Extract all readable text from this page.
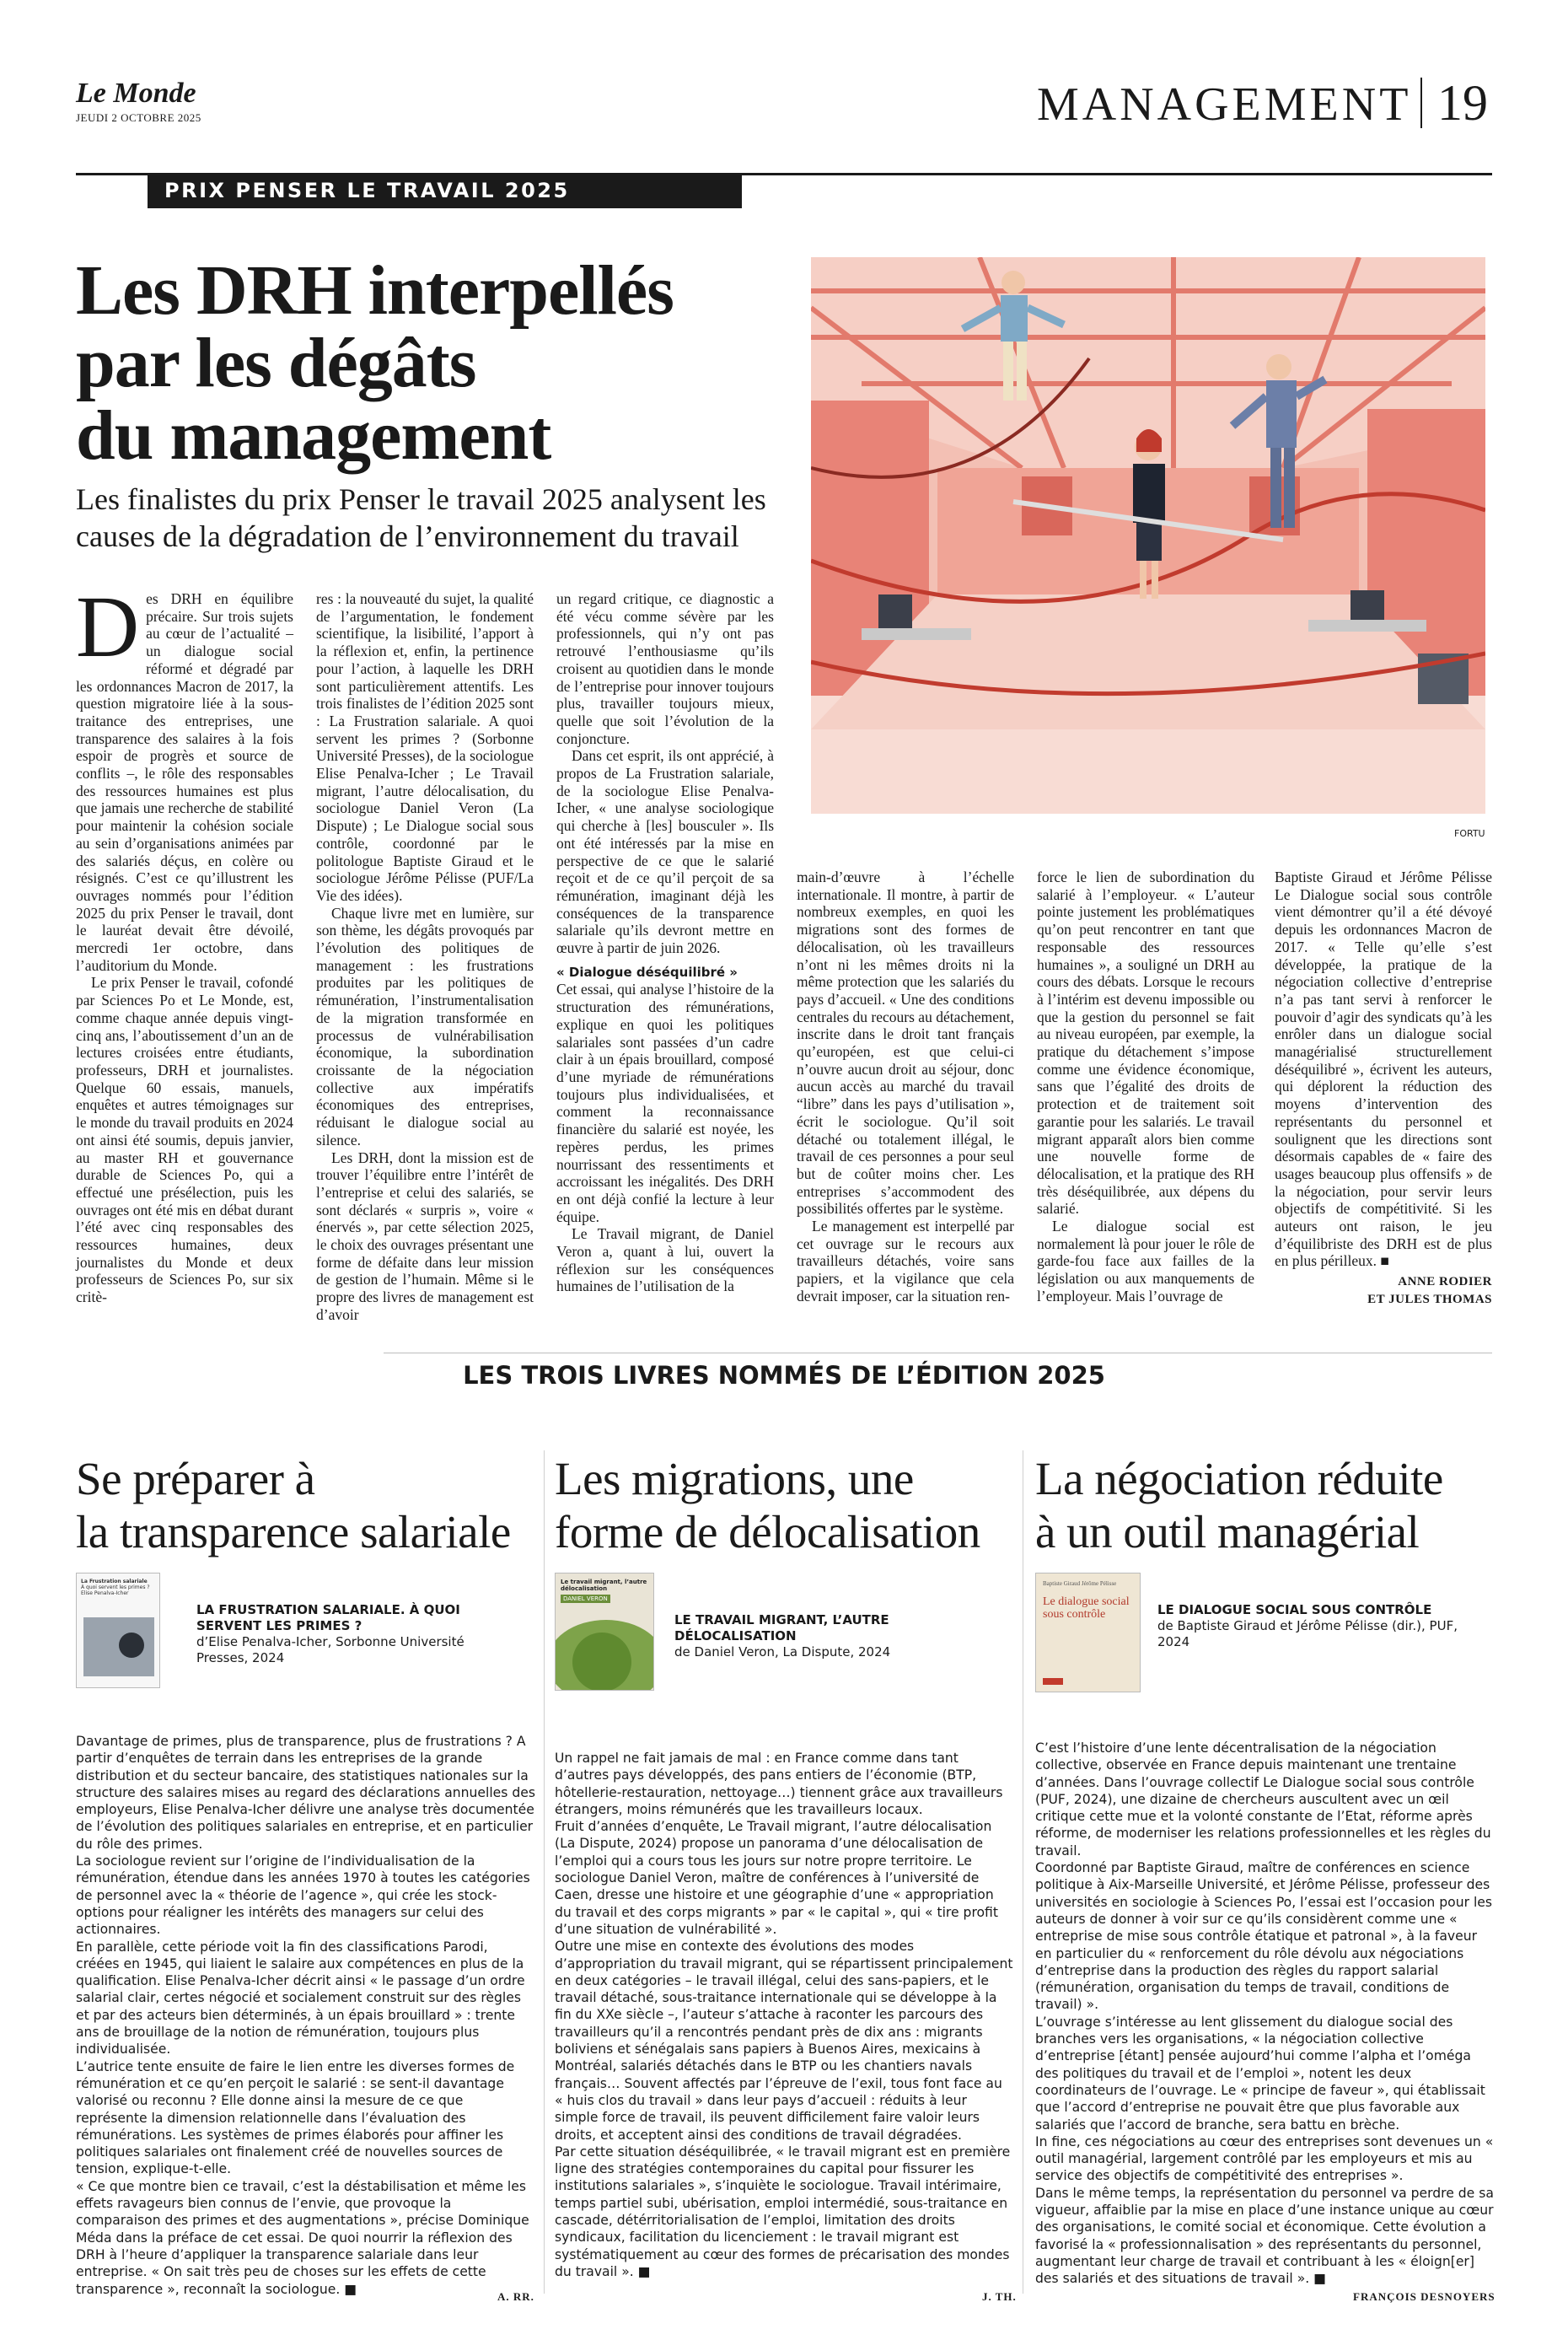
Le Monde
JEUDI 2 OCTOBRE 2025	MANAGEMENT 19
PRIX PENSER LE TRAVAIL 2025
Les DRH interpellés
par les dégâts
du management
Les finalistes du prix Penser le travail 2025 analysent les causes de la dégradation de l’environnement du travail
FORTU

Des DRH en équilibre précaire. Sur trois sujets au cœur de l’actualité – un dialogue social réformé et dégradé par les ordonnances Macron de 2017, la question migratoire liée à la sous-traitance des entreprises, une transparence des salaires à la fois espoir de progrès et source de conflits –, le rôle des responsables des ressources humaines est plus que jamais une recherche de stabilité pour maintenir la cohésion sociale au sein d’organisations animées par des salariés déçus, en colère ou résignés. C’est ce qu’illustrent les ouvrages nommés pour l’édition 2025 du prix Penser le travail, dont le lauréat devait être dévoilé, mercredi 1er octobre, dans l’auditorium du Monde.

Le prix Penser le travail, cofondé par Sciences Po et Le Monde, est, comme chaque année depuis vingt-cinq ans, l’aboutissement d’un an de lectures croisées entre étudiants, professeurs, DRH et journalistes. Quelque 60 essais, manuels, enquêtes et autres témoignages sur le monde du travail produits en 2024 ont ainsi été soumis, depuis janvier, au master RH et gouvernance durable de Sciences Po, qui a effectué une présélection, puis les ouvrages ont été mis en débat durant l’été avec cinq responsables des ressources humaines, deux journalistes du Monde et deux professeurs de Sciences Po, sur six critè-

res : la nouveauté du sujet, la qualité de l’argumentation, le fondement scientifique, la lisibilité, l’apport à la réflexion et, enfin, la pertinence pour l’action, à laquelle les DRH sont particulièrement attentifs. Les trois finalistes de l’édition 2025 sont : La Frustration salariale. A quoi servent les primes ? (Sorbonne Université Presses), de la sociologue Elise Penalva-Icher ; Le Travail migrant, l’autre délocalisation, du sociologue Daniel Veron (La Dispute) ; Le Dialogue social sous contrôle, coordonné par le politologue Baptiste Giraud et le sociologue Jérôme Pélisse (PUF/La Vie des idées).

Chaque livre met en lumière, sur son thème, les dégâts provoqués par l’évolution des politiques de management : les frustrations produites par les politiques de rémunération, l’instrumentalisation de la migration transformée en processus de vulnérabilisation économique, la subordination croissante de la négociation collective aux impératifs économiques des entreprises, réduisant le dialogue social au silence.

Les DRH, dont la mission est de trouver l’équilibre entre l’intérêt de l’entreprise et celui des salariés, se sont déclarés « surpris », voire « énervés », par cette sélection 2025, le choix des ouvrages présentant une forme de défaite dans leur mission de gestion de l’humain. Même si le propre des livres de management est d’avoir

un regard critique, ce diagnostic a été vécu comme sévère par les professionnels, qui n’y ont pas retrouvé l’enthousiasme qu’ils croisent au quotidien dans le monde de l’entreprise pour innover toujours plus, travailler toujours mieux, quelle que soit l’évolution de la conjoncture.

Dans cet esprit, ils ont apprécié, à propos de La Frustration salariale, de la sociologue Elise Penalva-Icher, « une analyse sociologique qui cherche à [les] bousculer ». Ils ont été intéressés par la mise en perspective de ce que le salarié reçoit et de ce qu’il perçoit de sa rémunération, imaginant déjà les conséquences de la transparence salariale qu’ils devront mettre en œuvre à partir de juin 2026.

« Dialogue déséquilibré »

Cet essai, qui analyse l’histoire de la structuration des rémunérations, explique en quoi les politiques salariales sont passées d’un cadre clair à un épais brouillard, composé d’une myriade de rémunérations toujours plus individualisées, et comment la reconnaissance financière du salarié est noyée, les repères perdus, les primes nourrissant des ressentiments et accroissant les inégalités. Des DRH en ont déjà confié la lecture à leur équipe.

Le Travail migrant, de Daniel Veron a, quant à lui, ouvert la réflexion sur les conséquences humaines de l’utilisation de la

main-d’œuvre à l’échelle internationale. Il montre, à partir de nombreux exemples, en quoi les migrations sont des formes de délocalisation, où les travailleurs n’ont ni les mêmes droits ni la même protection que les salariés du pays d’accueil. « Une des conditions centrales du recours au détachement, inscrite dans le droit tant français qu’européen, est que celui-ci n’ouvre aucun droit au séjour, donc aucun accès au marché du travail “libre” dans les pays d’utilisation », écrit le sociologue. Qu’il soit détaché ou totalement illégal, le travail de ces personnes a pour seul but de coûter moins cher. Les entreprises s’accommodent des possibilités offertes par le système.

Le management est interpellé par cet ouvrage sur le recours aux travailleurs détachés, voire sans papiers, et la vigilance que cela devrait imposer, car la situation ren-

force le lien de subordination du salarié à l’employeur. « L’auteur pointe justement les problématiques qu’on peut rencontrer en tant que responsable des ressources humaines », a souligné un DRH au cours des débats. Lorsque le recours à l’intérim est devenu impossible ou que la gestion du personnel se fait au niveau européen, par exemple, la pratique du détachement s’impose comme une évidence économique, sans que l’égalité des droits de protection et de traitement soit garantie pour les salariés. Le travail migrant apparaît alors bien comme une nouvelle forme de délocalisation, et la pratique des RH très déséquilibrée, aux dépens du salarié.

Le dialogue social est normalement là pour jouer le rôle de garde-fou face aux failles de la législation ou aux manquements de l’employeur. Mais l’ouvrage de

Baptiste Giraud et Jérôme Pélisse Le Dialogue social sous contrôle vient démontrer qu’il a été dévoyé depuis les ordonnances Macron de 2017. « Telle qu’elle s’est développée, la pratique de la négociation collective d’entreprise n’a pas tant servi à renforcer le pouvoir d’agir des syndicats qu’à les enrôler dans un dialogue social managérialisé structurellement déséquilibré », écrivent les auteurs, qui déplorent la réduction des moyens d’intervention des représentants du personnel et soulignent que les directions sont désormais capables de « faire des usages beaucoup plus offensifs » de la négociation, pour servir leurs objectifs de compétitivité. Si les auteurs ont raison, le jeu d’équilibriste des DRH est de plus en plus périlleux. ■

ANNE RODIER

ET JULES THOMAS

LES TROIS LIVRES NOMMÉS DE L’ÉDITION 2025
Se préparer à
la transparence salariale
La Frustration salariale
À quoi servent les primes ?
Elise Penalva-Icher
LA FRUSTRATION SALARIALE. À QUOI SERVENT LES PRIMES ?
d’Elise Penalva-Icher, Sorbonne Université Presses, 2024

Davantage de primes, plus de transparence, plus de frustrations ? A partir d’enquêtes de terrain dans les entreprises de la grande distribution et du secteur bancaire, des statistiques nationales sur la structure des salaires mises au regard des déclarations annuelles des employeurs, Elise Penalva-Icher délivre une analyse très documentée de l’évolution des politiques salariales en entreprise, et en particulier du rôle des primes.

La sociologue revient sur l’origine de l’individualisation de la rémunération, étendue dans les années 1970 à toutes les catégories de personnel avec la « théorie de l’agence », qui crée les stock-options pour réaligner les intérêts des managers sur celui des actionnaires.

En parallèle, cette période voit la fin des classifications Parodi, créées en 1945, qui liaient le salaire aux compétences en plus de la qualification. Elise Penalva-Icher décrit ainsi « le passage d’un ordre salarial clair, certes négocié et socialement construit sur des règles et par des acteurs bien déterminés, à un épais brouillard » : trente ans de brouillage de la notion de rémunération, toujours plus individualisée.

L’autrice tente ensuite de faire le lien entre les diverses formes de rémunération et ce qu’en perçoit le salarié : se sent-il davantage valorisé ou reconnu ? Elle donne ainsi la mesure de ce que représente la dimension relationnelle dans l’évaluation des rémunérations. Les systèmes de primes élaborés pour affiner les politiques salariales ont finalement créé de nouvelles sources de tension, explique-t-elle.

« Ce que montre bien ce travail, c’est la déstabilisation et même les effets ravageurs bien connus de l’envie, que provoque la comparaison des primes et des augmentations », précise Dominique Méda dans la préface de cet essai. De quoi nourrir la réflexion des DRH à l’heure d’appliquer la transparence salariale dans leur entreprise. « On sait très peu de choses sur les effets de cette transparence », reconnaît la sociologue. ■	A. RR.
Les migrations, une
forme de délocalisation
Le travail migrant, l’autre délocalisation
DANIEL VERON
LE TRAVAIL MIGRANT, L’AUTRE DÉLOCALISATION
de Daniel Veron, La Dispute, 2024

Un rappel ne fait jamais de mal : en France comme dans tant d’autres pays développés, des pans entiers de l’économie (BTP, hôtellerie-restauration, nettoyage…) tiennent grâce aux travailleurs étrangers, moins rémunérés que les travailleurs locaux.

Fruit d’années d’enquête, Le Travail migrant, l’autre délocalisation (La Dispute, 2024) propose un panorama d’une délocalisation de l’emploi qui a cours tous les jours sur notre propre territoire. Le sociologue Daniel Veron, maître de conférences à l’université de Caen, dresse une histoire et une géographie d’une « appropriation du travail et des corps migrants » par « le capital », qui « tire profit d’une situation de vulnérabilité ».

Outre une mise en contexte des évolutions des modes d’appropriation du travail migrant, qui se répartissent principalement en deux catégories – le travail illégal, celui des sans-papiers, et le travail détaché, sous-traitance internationale qui se développe à la fin du XXe siècle –, l’auteur s’attache à raconter les parcours des travailleurs qu’il a rencontrés pendant près de dix ans : migrants boliviens et sénégalais sans papiers à Buenos Aires, mexicains à Montréal, salariés détachés dans le BTP ou les chantiers navals français… Souvent affectés par l’épreuve de l’exil, tous font face au « huis clos du travail » dans leur pays d’accueil : réduits à leur simple force de travail, ils peuvent difficilement faire valoir leurs droits, et acceptent ainsi des conditions de travail dégradées.

Par cette situation déséquilibrée, « le travail migrant est en première ligne des stratégies contemporaines du capital pour fissurer les institutions salariales », s’inquiète le sociologue. Travail intérimaire, temps partiel subi, ubérisation, emploi intermédié, sous-traitance en cascade, détérritorialisation de l’emploi, limitation des droits syndicaux, facilitation du licenciement : le travail migrant est systématiquement au cœur des formes de précarisation des mondes du travail ». ■

J. TH.
La négociation réduite
à un outil managérial
Baptiste Giraud Jérôme Pélisse
Le dialogue social sous contrôle	LE DIALOGUE SOCIAL SOUS CONTRÔLE
de Baptiste Giraud et Jérôme Pélisse (dir.), PUF, 2024

C’est l’histoire d’une lente décentralisation de la négociation collective, observée en France depuis maintenant une trentaine d’années. Dans l’ouvrage collectif Le Dialogue social sous contrôle (PUF, 2024), une dizaine de chercheurs auscultent avec un œil critique cette mue et la volonté constante de l’Etat, réforme après réforme, de moderniser les relations professionnelles et les règles du travail.

Coordonné par Baptiste Giraud, maître de conférences en science politique à Aix-Marseille Université, et Jérôme Pélisse, professeur des universités en sociologie à Sciences Po, l’essai est l’occasion pour les auteurs de donner à voir sur ce qu’ils considèrent comme une « entreprise de mise sous contrôle étatique et patronal », à la faveur en particulier du « renforcement du rôle dévolu aux négociations d’entreprise dans la production des règles du rapport salarial (rémunération, organisation du temps de travail, conditions de travail) ».

L’ouvrage s’intéresse au lent glissement du dialogue social des branches vers les organisations, « la négociation collective d’entreprise [étant] pensée aujourd’hui comme l’alpha et l’oméga des politiques du travail et de l’emploi », notent les deux coordinateurs de l’ouvrage. Le « principe de faveur », qui établissait que l’accord d’entreprise ne pouvait être que plus favorable aux salariés que l’accord de branche, sera battu en brèche.

In fine, ces négociations au cœur des entreprises sont devenues un « outil managérial, largement contrôlé par les employeurs et mis au service des objectifs de compétitivité des entreprises ».

Dans le même temps, la représentation du personnel va perdre de sa vigueur, affaiblie par la mise en place d’une instance unique au cœur des organisations, le comité social et économique. Cette évolution a favorisé la « professionnalisation » des représentants du personnel, augmentant leur charge de travail et contribuant à les « éloign[er] des salariés et des situations de travail ». ■

FRANÇOIS DESNOYERS
